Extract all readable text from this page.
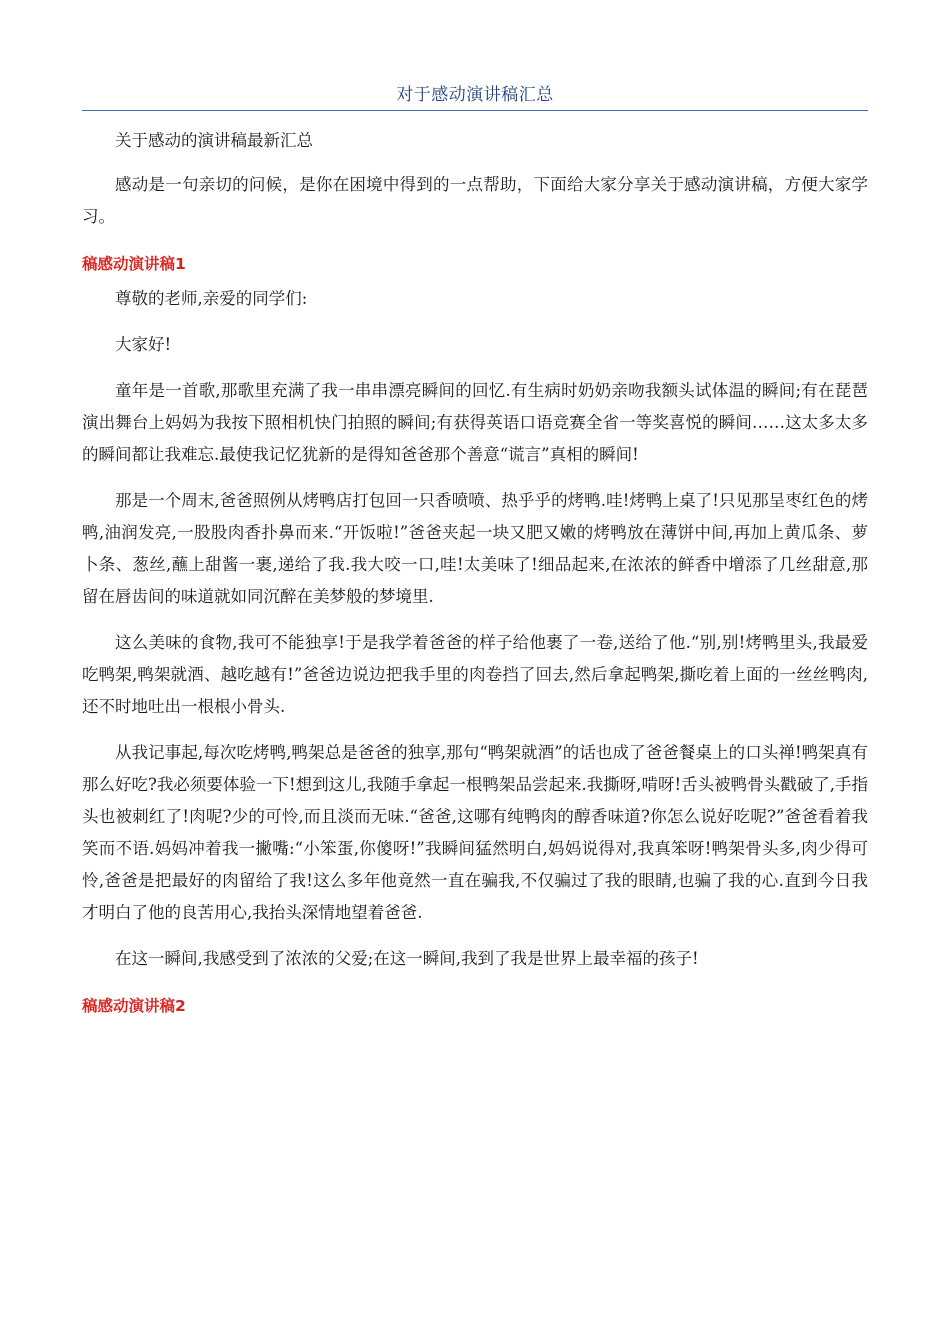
对于感动演讲稿汇总

关于感动的演讲稿最新汇总

感动是一句亲切的问候，是你在困境中得到的一点帮助，下面给大家分享关于感动演讲稿，方便大家学习。

稿感动演讲稿1

尊敬的老师,亲爱的同学们:

大家好!

童年是一首歌,那歌里充满了我一串串漂亮瞬间的回忆.有生病时奶奶亲吻我额头试体温的瞬间;有在琵琶演出舞台上妈妈为我按下照相机快门拍照的瞬间;有获得英语口语竞赛全省一等奖喜悦的瞬间……这太多太多的瞬间都让我难忘.最使我记忆犹新的是得知爸爸那个善意“谎言”真相的瞬间!

那是一个周末,爸爸照例从烤鸭店打包回一只香喷喷、热乎乎的烤鸭.哇!烤鸭上桌了!只见那呈枣红色的烤鸭,油润发亮,一股股肉香扑鼻而来.“开饭啦!”爸爸夹起一块又肥又嫩的烤鸭放在薄饼中间,再加上黄瓜条、萝卜条、葱丝,蘸上甜酱一裹,递给了我.我大咬一口,哇!太美味了!细品起来,在浓浓的鲜香中增添了几丝甜意,那留在唇齿间的味道就如同沉醉在美梦般的梦境里.

这么美味的食物,我可不能独享!于是我学着爸爸的样子给他裹了一卷,送给了他.“别,别!烤鸭里头,我最爱吃鸭架,鸭架就酒、越吃越有!”爸爸边说边把我手里的肉卷挡了回去,然后拿起鸭架,撕吃着上面的一丝丝鸭肉,还不时地吐出一根根小骨头.

从我记事起,每次吃烤鸭,鸭架总是爸爸的独享,那句“鸭架就酒”的话也成了爸爸餐桌上的口头禅!鸭架真有那么好吃?我必须要体验一下!想到这儿,我随手拿起一根鸭架品尝起来.我撕呀,啃呀!舌头被鸭骨头戳破了,手指头也被刺红了!肉呢?少的可怜,而且淡而无味.“爸爸,这哪有纯鸭肉的醇香味道?你怎么说好吃呢?”爸爸看着我笑而不语.妈妈冲着我一撇嘴:“小笨蛋,你傻呀!”我瞬间猛然明白,妈妈说得对,我真笨呀!鸭架骨头多,肉少得可怜,爸爸是把最好的肉留给了我!这么多年他竟然一直在骗我,不仅骗过了我的眼睛,也骗了我的心.直到今日我才明白了他的良苦用心,我抬头深情地望着爸爸.

在这一瞬间,我感受到了浓浓的父爱;在这一瞬间,我到了我是世界上最幸福的孩子!

稿感动演讲稿2
